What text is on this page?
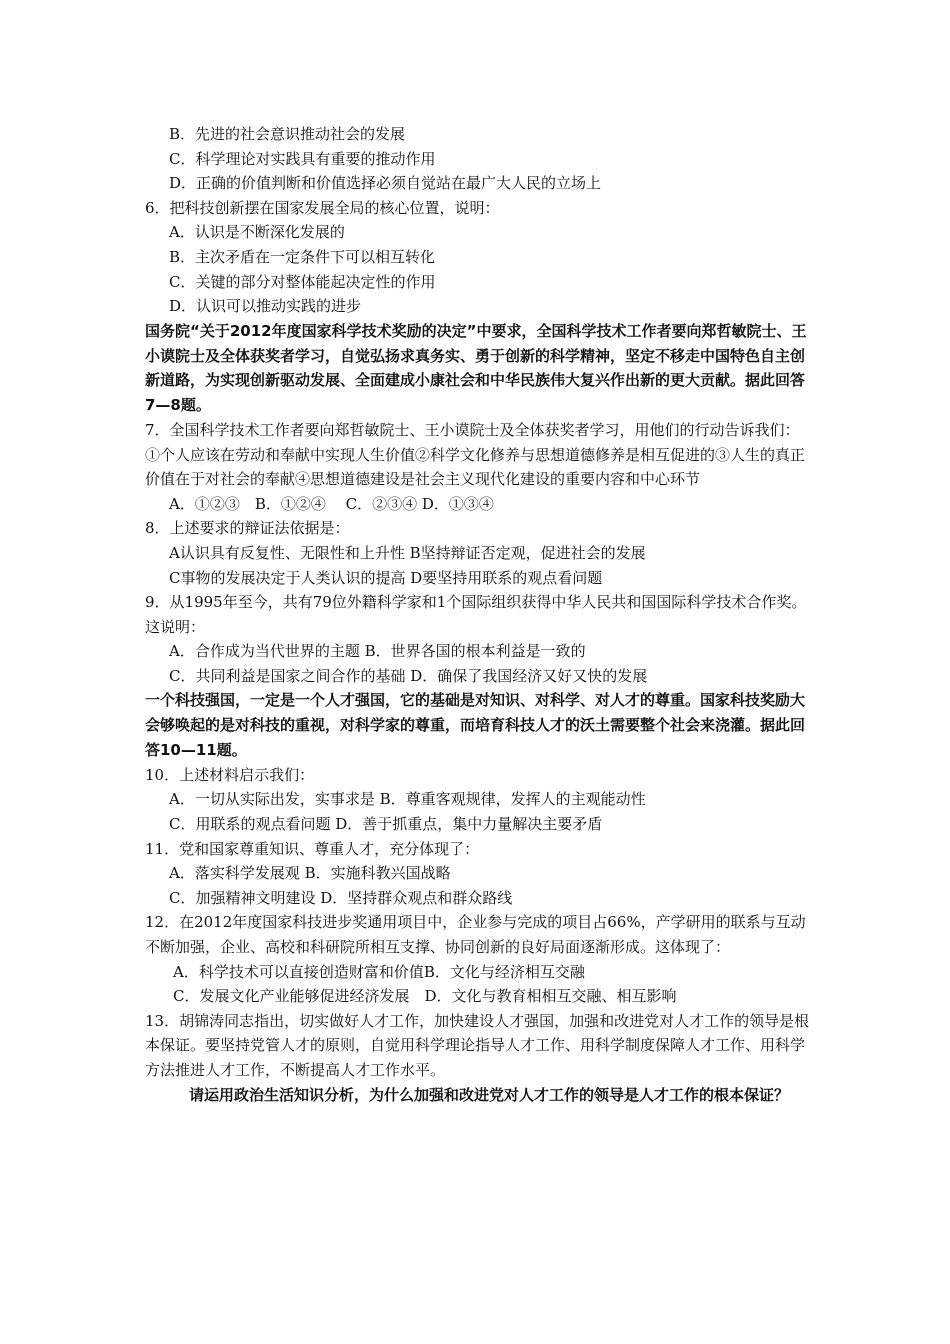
B．先进的社会意识推动社会的发展
C．科学理论对实践具有重要的推动作用
D．正确的价值判断和价值选择必须自觉站在最广大人民的立场上
6．把科技创新摆在国家发展全局的核心位置，说明：
A．认识是不断深化发展的
B．主次矛盾在一定条件下可以相互转化
C．关键的部分对整体能起决定性的作用
D．认识可以推动实践的进步
国务院“关于2012年度国家科学技术奖励的决定”中要求，全国科学技术工作者要向郑哲敏院士、王小谟院士及全体获奖者学习，自觉弘扬求真务实、勇于创新的科学精神，坚定不移走中国特色自主创新道路，为实现创新驱动发展、全面建成小康社会和中华民族伟大复兴作出新的更大贡献。据此回答7—8题。
7．全国科学技术工作者要向郑哲敏院士、王小谟院士及全体获奖者学习，用他们的行动告诉我们：
①个人应该在劳动和奉献中实现人生价值②科学文化修养与思想道德修养是相互促进的③人生的真正价值在于对社会的奉献④思想道德建设是社会主义现代化建设的重要内容和中心环节
A．①②③　B．①②④　 C．②③④ D．①③④
8．上述要求的辩证法依据是：
A认识具有反复性、无限性和上升性 B坚持辩证否定观，促进社会的发展
C事物的发展决定于人类认识的提高 D要坚持用联系的观点看问题
9．从1995年至今，共有79位外籍科学家和1个国际组织获得中华人民共和国国际科学技术合作奖。这说明：
A．合作成为当代世界的主题 B．世界各国的根本利益是一致的
C．共同利益是国家之间合作的基础 D．确保了我国经济又好又快的发展
一个科技强国，一定是一个人才强国，它的基础是对知识、对科学、对人才的尊重。国家科技奖励大会够唤起的是对科技的重视，对科学家的尊重，而培育科技人才的沃土需要整个社会来浇灌。据此回答10—11题。
10．上述材料启示我们：
A．一切从实际出发，实事求是 B．尊重客观规律，发挥人的主观能动性
C．用联系的观点看问题 D．善于抓重点，集中力量解决主要矛盾
11．党和国家尊重知识、尊重人才，充分体现了：
A．落实科学发展观 B．实施科教兴国战略
C．加强精神文明建设 D．坚持群众观点和群众路线
12．在2012年度国家科技进步奖通用项目中，企业参与完成的项目占66%，产学研用的联系与互动不断加强，企业、高校和科研院所相互支撑、协同创新的良好局面逐渐形成。这体现了：
A．科学技术可以直接创造财富和价值B．文化与经济相互交融
C．发展文化产业能够促进经济发展　D．文化与教育相相互交融、相互影响
13．胡锦涛同志指出，切实做好人才工作，加快建设人才强国，加强和改进党对人才工作的领导是根本保证。要坚持党管人才的原则，自觉用科学理论指导人才工作、用科学制度保障人才工作、用科学方法推进人才工作，不断提高人才工作水平。
请运用政治生活知识分析，为什么加强和改进党对人才工作的领导是人才工作的根本保证？
